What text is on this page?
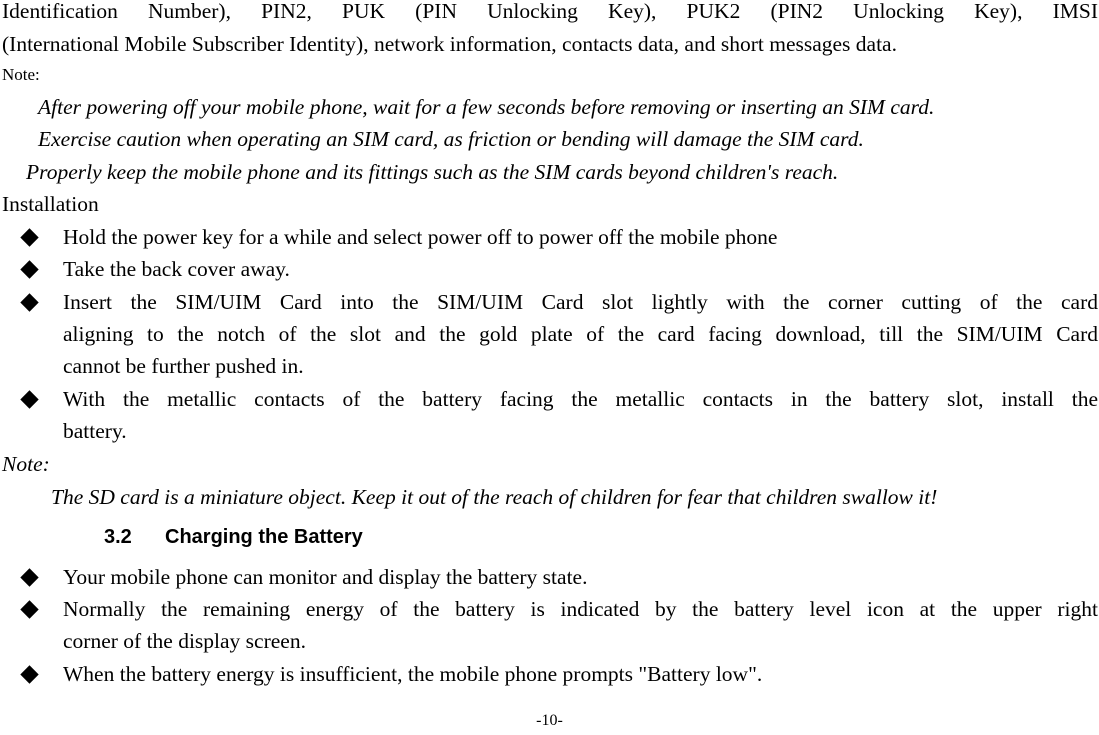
Identification Number), PIN2, PUK (PIN Unlocking Key), PUK2 (PIN2 Unlocking Key), IMSI
(International Mobile Subscriber Identity), network information, contacts data, and short messages data.
Note:
After powering off your mobile phone, wait for a few seconds before removing or inserting an SIM card.
Exercise caution when operating an SIM card, as friction or bending will damage the SIM card.
Properly keep the mobile phone and its fittings such as the SIM cards beyond children's reach.
Installation
Hold the power key for a while and select power off to power off the mobile phone
Take the back cover away.
Insert the SIM/UIM Card into the SIM/UIM Card slot lightly with the corner cutting of the card
aligning to the notch of the slot and the gold plate of the card facing download, till the SIM/UIM Card
cannot be further pushed in.
With the metallic contacts of the battery facing the metallic contacts in the battery slot, install the
battery.
Note:
The SD card is a miniature object. Keep it out of the reach of children for fear that children swallow it!
3.2 Charging the Battery
Your mobile phone can monitor and display the battery state.
Normally the remaining energy of the battery is indicated by the battery level icon at the upper right
corner of the display screen.
When the battery energy is insufficient, the mobile phone prompts "Battery low".
-10-
